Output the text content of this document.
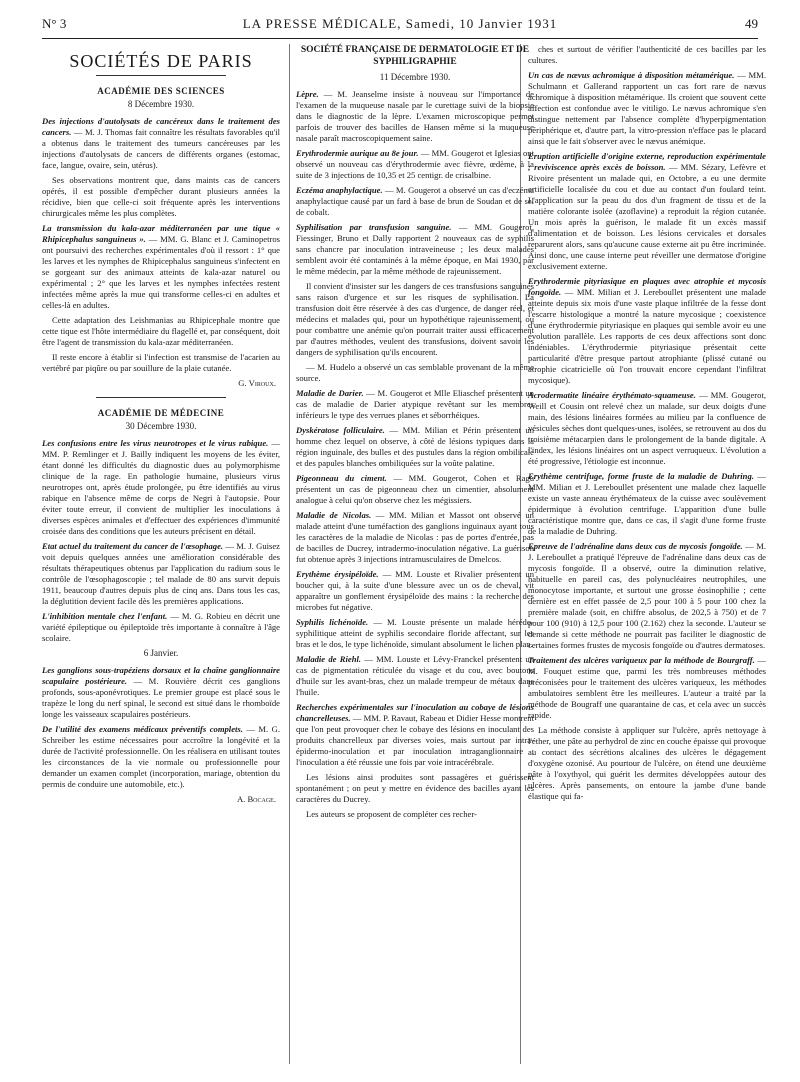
N° 3	LA PRESSE MÉDICALE, Samedi, 10 Janvier 1931	49
SOCIÉTÉS DE PARIS
ACADÉMIE DES SCIENCES
8 Décembre 1930.

Des injections d'autolysats de cancéreux dans le traitement des cancers. — M. J. Thomas fait connaître les résultats favorables qu'il a obtenus dans le traitement des tumeurs cancéreuses par les injections d'autolysats de cancers de différents organes (estomac, face, langue, ovaire, sein, utérus).

Ses observations montrent que, dans maints cas de cancers opérés, il est possible d'empêcher durant plusieurs années la récidive, bien que celle-ci soit fréquente après les interventions chirurgicales même les plus complètes.

La transmission du kala-azar méditerranéen par une tique « Rhipicephalus sanguineus ». — MM. G. Blanc et J. Caminopetros ont poursuivi des recherches expérimentales d'où il ressort : 1° que les larves et les nymphes de Rhipicephalus sanguineus s'infectent en se gorgeant sur des animaux atteints de kala-azar naturel ou expérimental ; 2° que les larves et les nymphes infectées restent infectées même après la mue qui transforme celles-ci en adultes et celles-là en adultes.

Cette adaptation des Leishmanias au Rhipicephale montre que cette tique est l'hôte intermédiaire du flagellé et, par conséquent, doit être l'agent de transmission du kala-azar méditerranéen.

Il reste encore à établir si l'infection est transmise de l'acarien au vertébré par piqûre ou par souillure de la plaie cutanée.

G. Viroux.
ACADÉMIE DE MÉDECINE
30 Décembre 1930.

Les confusions entre les virus neurotropes et le virus rabique. — MM. P. Remlinger et J. Bailly indiquent les moyens de les éviter, étant donné les difficultés du diagnostic dues au polymorphisme clinique de la rage. En pathologie humaine, plusieurs virus neurotropes ont, après étude prolongée, pu être identifiés au virus rabique en l'absence même de corps de Negri à l'autopsie. Pour éviter toute erreur, il convient de multiplier les inoculations à diverses espèces animales et d'effectuer des expériences d'immunité croisée dans des conditions que les auteurs précisent en détail.

Etat actuel du traitement du cancer de l'œsophage. — M. J. Guisez voit depuis quelques années une amélioration considérable des résultats thérapeutiques obtenus par l'application du radium sous le contrôle de l'œsophagoscopie ; tel malade de 80 ans survit depuis 1911, beaucoup d'autres depuis plus de cinq ans. Dans tous les cas, la déglutition devient facile dès les premières applications.

L'inhibition mentale chez l'enfant. — M. G. Robieu en décrit une variété épileptique ou épileptoïde très importante à connaître à l'âge scolaire.

6 Janvier.

Les ganglions sous-trapéziens dorsaux et la chaîne ganglionnaire scapulaire postérieure. — M. Rouvière décrit ces ganglions profonds, sous-aponévrotiques. Le premier groupe est placé sous le trapèze le long du nerf spinal, le second est situé dans le rhomboïde longe les vaisseaux scapulaires postérieurs.

De l'utilité des examens médicaux préventifs complets. — M. G. Schreiber les estime nécessaires pour accroître la longévité et la durée de l'activité professionnelle. On les réalisera en utilisant toutes les circonstances de la vie normale ou professionnelle pour demander un examen complet (incorporation, mariage, obtention du permis de conduire une automobile, etc.).

A. Bocage.
SOCIÉTÉ FRANÇAISE DE DERMATOLOGIE ET DE SYPHILIGRAPHIE
11 Décembre 1930.

Lèpre. — M. Jeanselme insiste à nouveau sur l'importance de l'examen de la muqueuse nasale par le curettage suivi de la biopsie dans le diagnostic de la lèpre. L'examen microscopique permet parfois de trouver des bacilles de Hansen même si la muqueuse nasale paraît macroscopiquement saine.

Erythrodermie aurique au 8e jour. — MM. Gougerot et Iglesias ont observé un nouveau cas d'érythrodermie avec fièvre, œdème, à la suite de 3 injections de 10,35 et 25 centigr. de crisalbine.

Eczéma anaphylactique. — M. Gougerot a observé un cas d'eczéma anaphylactique causé par un fard à base de brun de Soudan et de sel de cobalt.

Syphilisation par transfusion sanguine. — MM. Gougerot, Fiessinger, Bruno et Dally rapportent 2 nouveaux cas de syphilis sans chancre par inoculation intraveineuse ; les deux malades semblent avoir été contaminés à la même époque, en Mai 1930, par le même médecin, par la même méthode de rajeunissement.

Il convient d'insister sur les dangers de ces transfusions sanguines sans raison d'urgence et sur les risques de syphilisation. La transfusion doit être réservée à des cas d'urgence, de danger réel, et médecins et malades qui, pour un hypothétique rajeunissement, ou pour combattre une anémie qu'on pourrait traiter aussi efficacement par d'autres méthodes, veulent des transfusions, doivent savoir les dangers de syphilisation qu'ils encourent.

— M. Hudelo a observé un cas semblable provenant de la même source.

Maladie de Darier. — M. Gougerot et Mlle Eliaschef présentent un cas de maladie de Darier atypique revêtant sur les membres inférieurs le type des verrues planes et séborrhéiques.

Dyskératose folliculaire. — MM. Milian et Périn présentent un homme chez lequel on observe, à côté de lésions typiques dans la région inguinale, des bulles et des pustules dans la région ombilicale et des papules blanches ombiliquées sur la voûte palatine.

Pigeonneau du ciment. — MM. Gougerot, Cohen et Ragu présentent un cas de pigeonneau chez un cimentier, absolument analogue à celui qu'on observe chez les mégissiers.

Maladie de Nicolas. — MM. Milian et Massot ont observé un malade atteint d'une tuméfaction des ganglions inguinaux ayant tous les caractères de la maladie de Nicolas : pas de portes d'entrée, pas de bacilles de Ducrey, intradermo-inoculation négative. La guérison fut obtenue après 3 injections intramusculaires de Dmelcos.

Erythème érysipéloïde. — MM. Louste et Rivalier présentent un boucher qui, à la suite d'une blessure avec un os de cheval, vit apparaître un gonflement érysipéloïde des mains : la recherche des microbes fut négative.

Syphilis lichénoïde. — M. Louste présente un malade hérédo-syphilitique atteint de syphilis secondaire floride affectant, sur les bras et le dos, le type lichénoïde, simulant absolument le lichen plan.

Maladie de Riehl. — MM. Louste et Lévy-Franckel présentent un cas de pigmentation réticulée du visage et du cou, avec boutons d'huile sur les avant-bras, chez un malade trempeur de métaux dans l'huile.

Recherches expérimentales sur l'inoculation au cobaye de lésions chancrelleuses. — MM. P. Ravaut, Rabeau et Didier Hesse montrent que l'on peut provoquer chez le cobaye des lésions en inoculant des produits chancrelleux par diverses voies, mais surtout par intra-épidermo-inoculation et par inoculation intraganglionnaire ; l'inoculation a été réussie une fois par voie intracérébrale.

Les lésions ainsi produites sont passagères et guérissent spontanément ; on peut y mettre en évidence des bacilles ayant les caractères du Ducrey.

Les auteurs se proposent de compléter ces recher-

ches et surtout de vérifier l'authenticité de ces bacilles par les cultures.

Un cas de nævus achromique à disposition métamérique. — MM. Schulmann et Gallerand rapportent un cas fort rare de nævus achromique à disposition métamérique. Ils croient que souvent cette affection est confondue avec le vitiligo. Le nævus achromique s'en distingue nettement par l'absence complète d'hyperpigmentation périphérique et, d'autre part, la vitro-pression n'efface pas le placard ainsi que le fait s'observer avec le nævus anémique.

Eruption artificielle d'origine externe, reproduction expérimentale ; reviviscence après excès de boisson. — MM. Sézary, Lefèvre et Rivoire présentent un malade qui, en Octobre, a eu une dermite artificielle localisée du cou et due au contact d'un foulard teint. L'application sur la peau du dos d'un fragment de tissu et de la matière colorante isolée (azoflavine) a reproduit la région cutanée. Un mois après la guérison, le malade fit un excès massif d'alimentation et de boisson. Les lésions cervicales et dorsales reparurent alors, sans qu'aucune cause externe ait pu être incriminée. Ainsi donc, une cause interne peut réveiller une dermatose d'origine exclusivement externe.

Erythrodermie pityriasique en plaques avec atrophie et mycosis fongoïde. — MM. Milian et J. Lereboullet présentent une malade atteinte depuis six mois d'une vaste plaque infiltrée de la fesse dont l'escarre histologique a montré la nature mycosique ; coexistence d'une érythrodermie pityriasique en plaques qui semble avoir eu une évolution parallèle. Les rapports de ces deux affections sont donc indéniables. L'érythrodermie pityriasique présentait cette particularité d'être presque partout atrophiante (plissé cutané ou atrophie cicatricielle où l'on trouvait encore cependant l'infiltrat mycosique).

Acrodermatite linéaire érythémato-squameuse. — MM. Gougerot, Weill et Cousin ont relevé chez un malade, sur deux doigts d'une main, des lésions linéaires formées au milieu par la confluence de vésicules sèches dont quelques-unes, isolées, se retrouvent au dos du troisième métacarpien dans le prolongement de la bande digitale. A l'index, les lésions linéaires ont un aspect verruqueux. L'évolution a été progressive, l'étiologie est inconnue.

Erythème centrifuge, forme fruste de la maladie de Duhring. — MM. Milian et J. Lereboullet présentent une malade chez laquelle existe un vaste anneau érythémateux de la cuisse avec soulèvement épidermique à évolution centrifuge. L'apparition d'une bulle caractéristique montre que, dans ce cas, il s'agit d'une forme fruste de la maladie de Duhring.

Epreuve de l'adrénaline dans deux cas de mycosis fongoïde. — M. J. Lereboullet a pratiqué l'épreuve de l'adrénaline dans deux cas de mycosis fongoïde. Il a observé, outre la diminution relative, habituelle en pareil cas, des polynucléaires neutrophiles, une monocytose importante, et surtout une grosse éosinophilie ; cette dernière est en effet passée de 2,5 pour 100 à 5 pour 100 chez la première malade (soit, en chiffre absolus, de 202,5 à 750) et de 7 pour 100 (910) à 12,5 pour 100 (2.162) chez la seconde. L'auteur se demande si cette méthode ne pourrait pas faciliter le diagnostic de certaines formes frustes de mycosis fongoïde ou d'autres dermatoses.

Traitement des ulcères variqueux par la méthode de Bourgraff. — M. Fouquet estime que, parmi les très nombreuses méthodes préconisées pour le traitement des ulcères variqueux, les méthodes ambulatoires semblent être les meilleures. L'auteur a traité par la méthode de Bougraff une quarantaine de cas, et cela avec un succès rapide.

La méthode consiste à appliquer sur l'ulcère, après nettoyage à l'éther, une pâte au perhydrol de zinc en couche épaisse qui provoque au contact des sécrétions alcalines des ulcères le dégagement d'oxygène ozonisé. Au pourtour de l'ulcère, on étend une deuxième pâte à l'oxythyol, qui guérit les dermites développées autour des ulcères. Après pansements, on entoure la jambe d'une bande élastique qui fa-
